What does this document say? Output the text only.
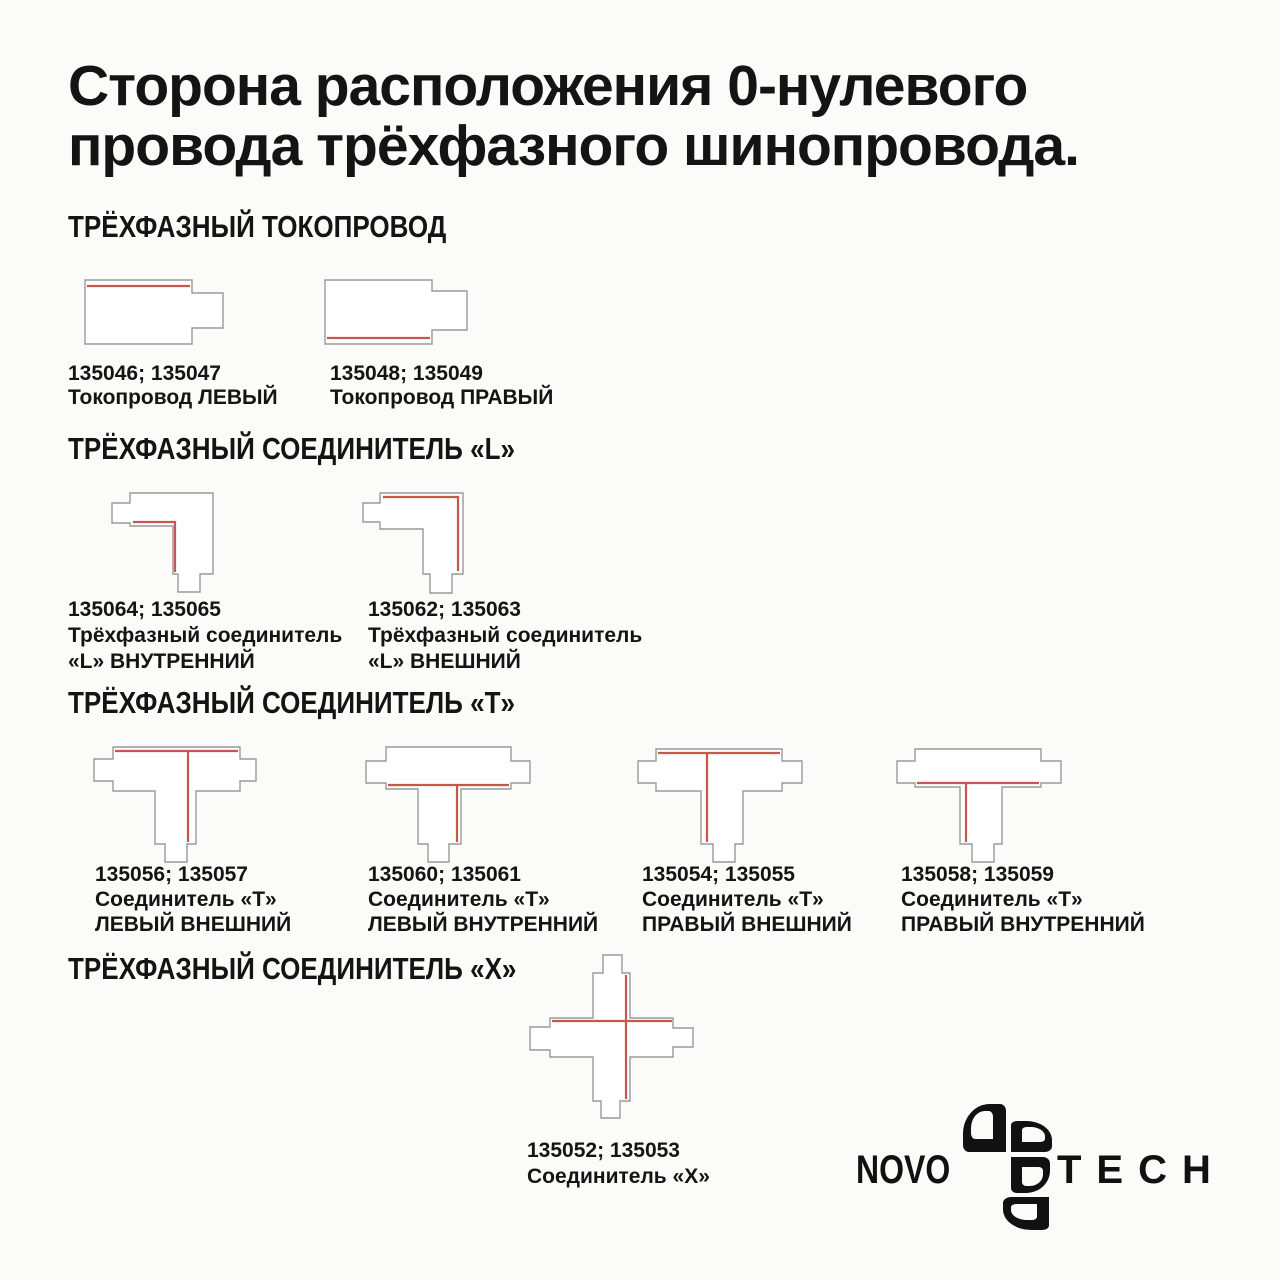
Сторона расположения 0-нулевого
провода трёхфазного шинопровода.
ТРЁХФАЗНЫЙ ТОКОПРОВОД
ТРЁХФАЗНЫЙ СОЕДИНИТЕЛЬ «L»
ТРЁХФАЗНЫЙ СОЕДИНИТЕЛЬ «Т»
ТРЁХФАЗНЫЙ СОЕДИНИТЕЛЬ «Х»
135046; 135047
Токопровод ЛЕВЫЙ
135048; 135049
Токопровод ПРАВЫЙ
135064; 135065
Трёхфазный соединитель
«L» ВНУТРЕННИЙ
135062; 135063
Трёхфазный соединитель
«L» ВНЕШНИЙ
135056; 135057
Соединитель «Т»
ЛЕВЫЙ ВНЕШНИЙ
135060; 135061
Соединитель «Т»
ЛЕВЫЙ ВНУТРЕННИЙ
135054; 135055
Соединитель «Т»
ПРАВЫЙ ВНЕШНИЙ
135058; 135059
Соединитель «Т»
ПРАВЫЙ ВНУТРЕННИЙ
135052; 135053
Соединитель «Х»	NOVO	TECH
